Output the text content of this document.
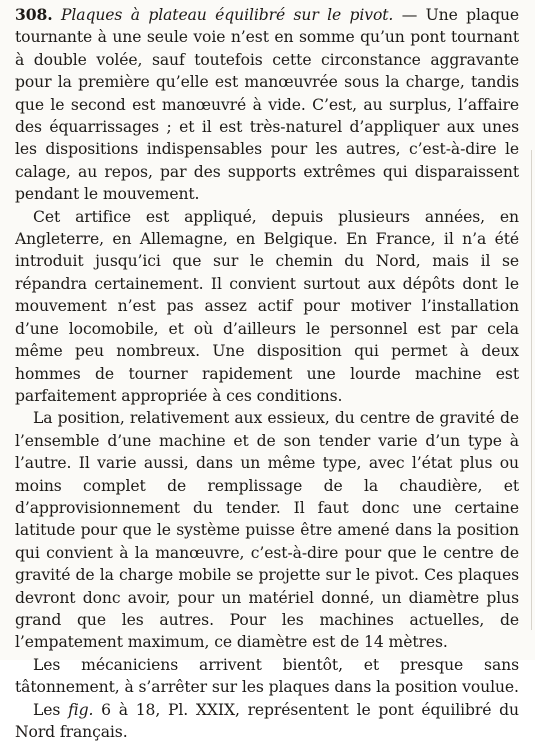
308. Plaques à plateau équilibré sur le pivot. — Une plaque tournante à une seule voie n’est en somme qu’un pont tournant à double volée, sauf toutefois cette circonstance aggravante pour la première qu’elle est manœuvrée sous la charge, tandis que le second est manœuvré à vide. C’est, au surplus, l’affaire des équarrissages ; et il est très-naturel d’appliquer aux unes les dispositions indispensables pour les autres, c’est-à-dire le calage, au repos, par des supports extrêmes qui disparaissent pendant le mouvement.

Cet artifice est appliqué, depuis plusieurs années, en Angleterre, en Allemagne, en Belgique. En France, il n’a été introduit jusqu’ici que sur le chemin du Nord, mais il se répandra certainement. Il convient surtout aux dépôts dont le mouvement n’est pas assez actif pour motiver l’installation d’une locomobile, et où d’ailleurs le personnel est par cela même peu nombreux. Une disposition qui permet à deux hommes de tourner rapidement une lourde machine est parfaitement appropriée à ces conditions.

La position, relativement aux essieux, du centre de gravité de l’ensemble d’une machine et de son tender varie d’un type à l’autre. Il varie aussi, dans un même type, avec l’état plus ou moins complet de remplissage de la chaudière, et d’approvisionnement du tender. Il faut donc une certaine latitude pour que le système puisse être amené dans la position qui convient à la manœuvre, c’est-à-dire pour que le centre de gravité de la charge mobile se projette sur le pivot. Ces plaques devront donc avoir, pour un matériel donné, un diamètre plus grand que les autres. Pour les machines actuelles, de l’empatement maximum, ce diamètre est de 14 mètres.

Les mécaniciens arrivent bientôt, et presque sans tâtonnement, à s’arrêter sur les plaques dans la position voulue.

Les fig. 6 à 18, Pl. XXIX, représentent le pont équilibré du Nord français.
